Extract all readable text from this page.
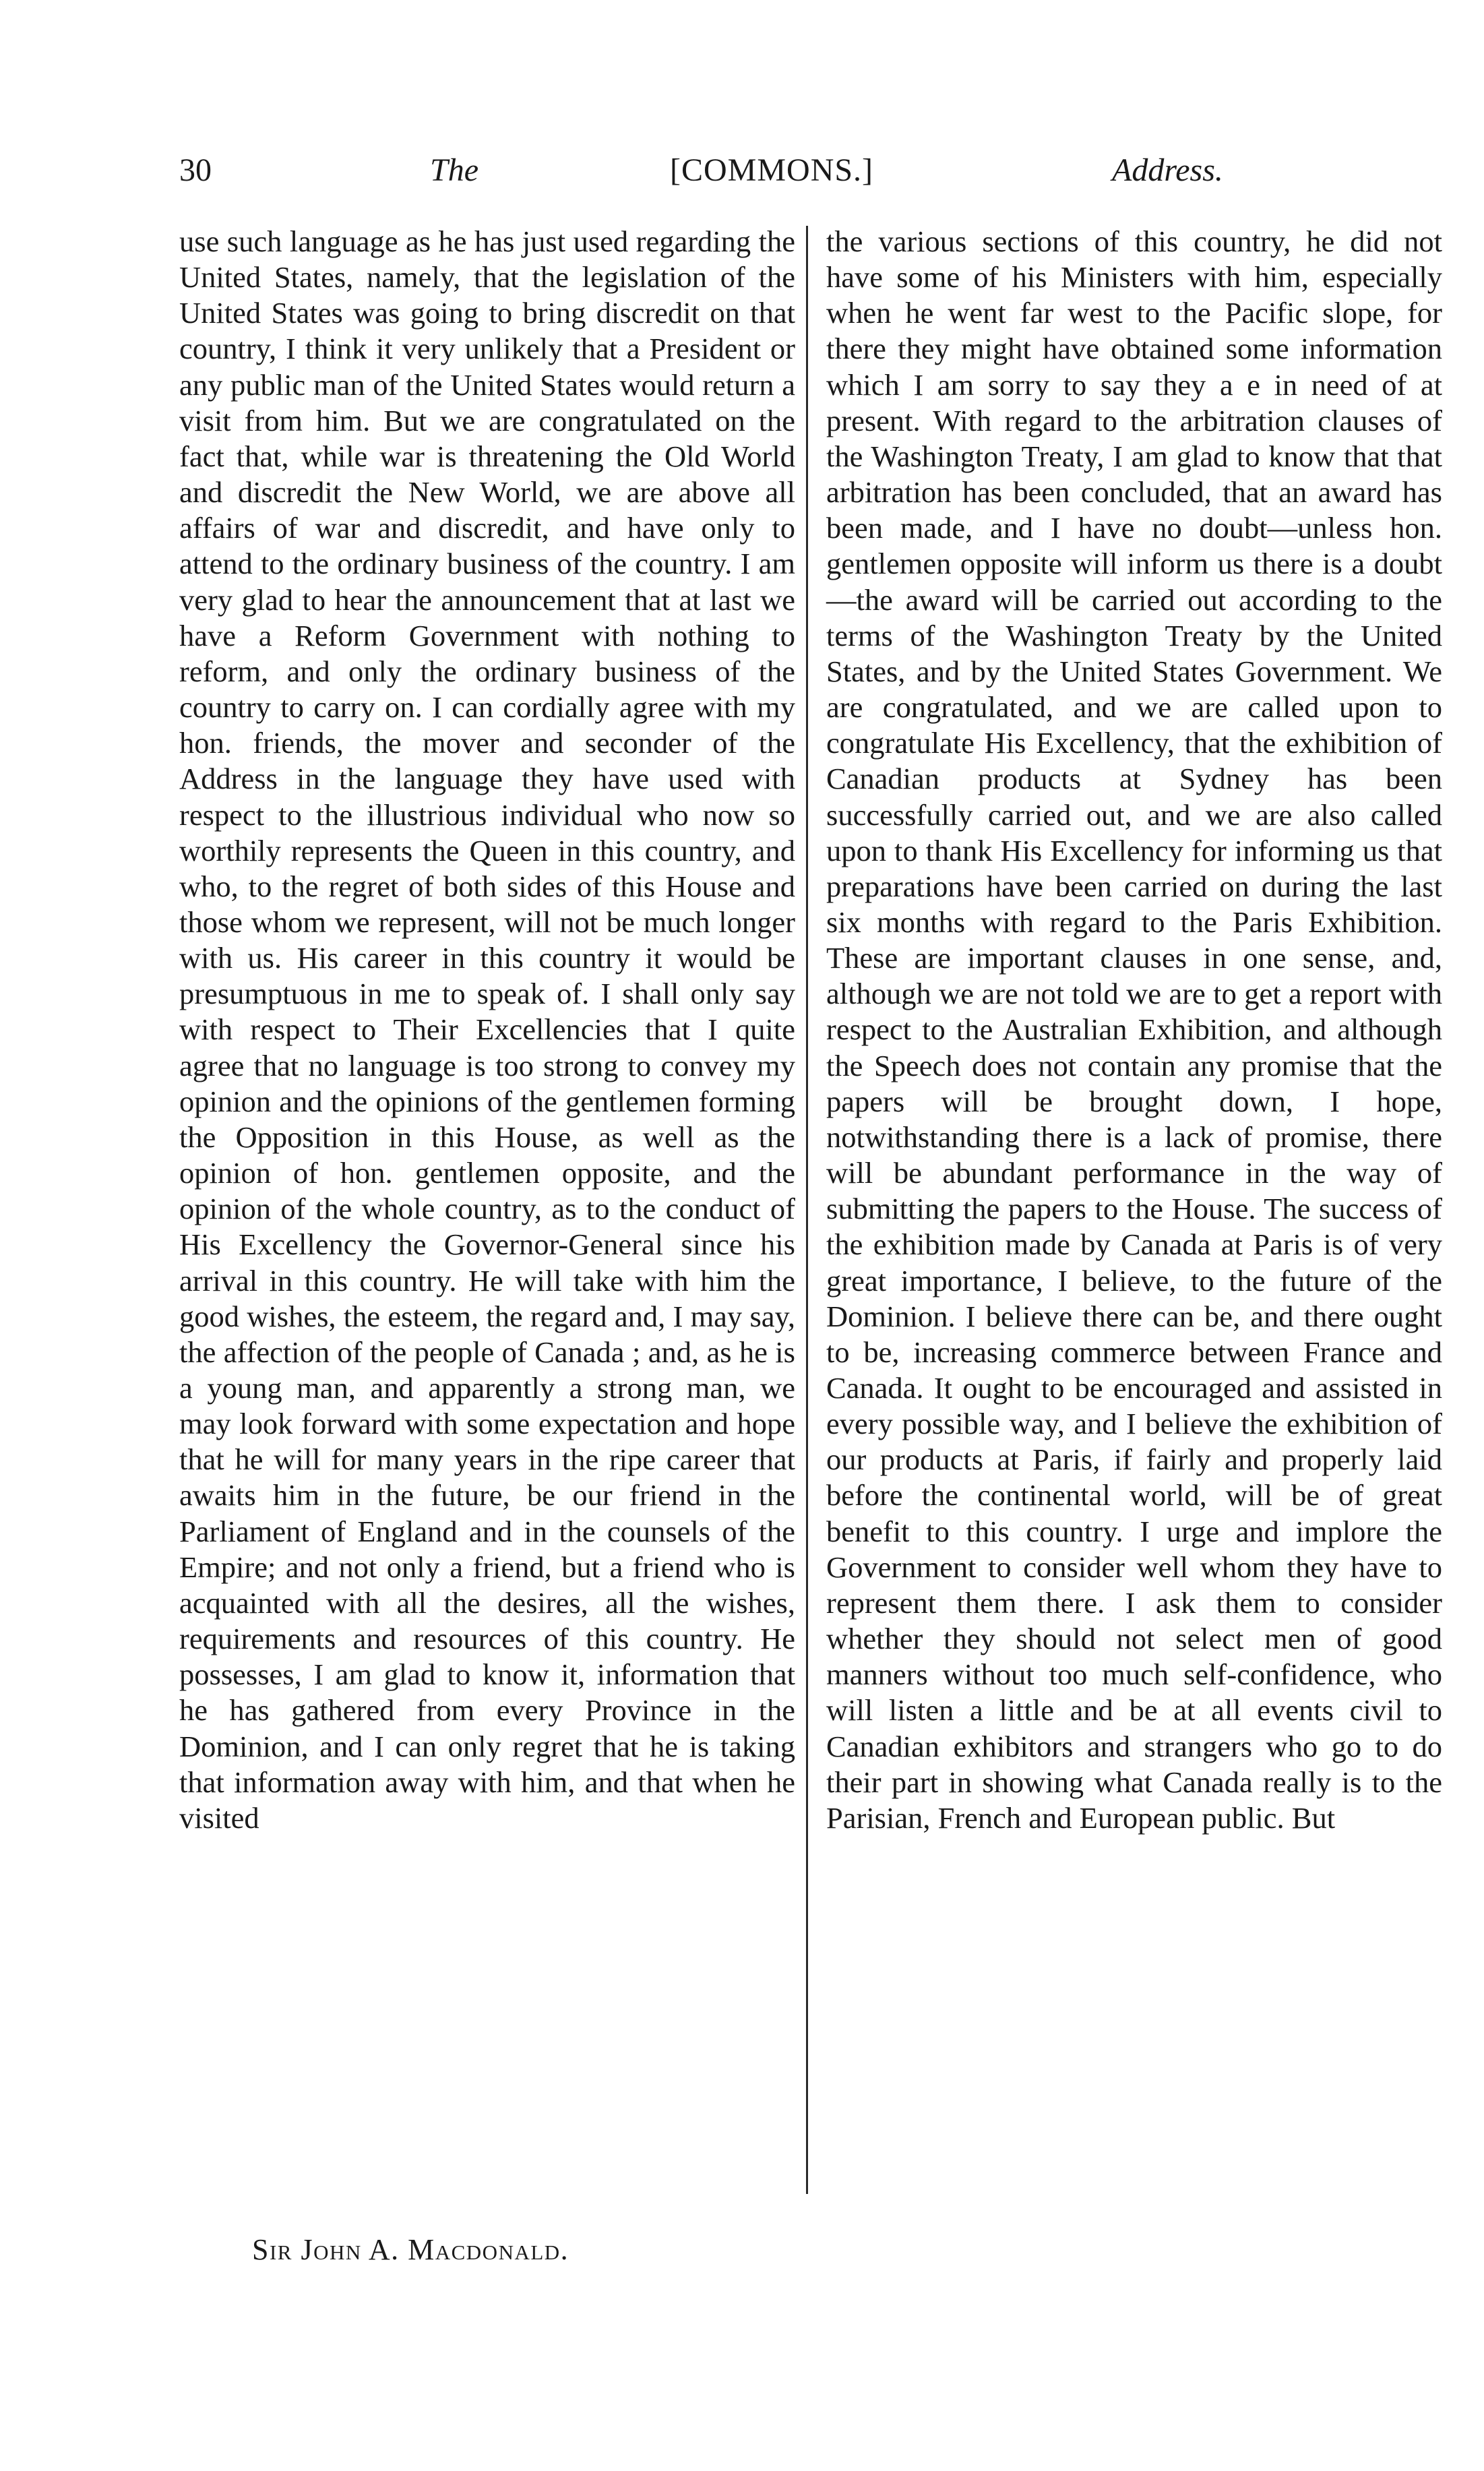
30	The	[COMMONS.]	Address.

use such language as he has just used regarding the United States, namely, that the legislation of the United States was going to bring discredit on that country, I think it very unlikely that a President or any public man of the United States would return a visit from him. But we are congratulated on the fact that, while war is threatening the Old World and discredit the New World, we are above all affairs of war and discredit, and have only to attend to the ordinary business of the country. I am very glad to hear the announcement that at last we have a Reform Government with nothing to reform, and only the ordinary business of the country to carry on. I can cordially agree with my hon. friends, the mover and seconder of the Address in the language they have used with respect to the illustrious individual who now so worthily represents the Queen in this country, and who, to the regret of both sides of this House and those whom we represent, will not be much longer with us. His career in this country it would be presumptuous in me to speak of. I shall only say with respect to Their Excellencies that I quite agree that no language is too strong to convey my opinion and the opinions of the gentlemen forming the Opposition in this House, as well as the opinion of hon. gentlemen opposite, and the opinion of the whole country, as to the conduct of His Excellency the Governor-General since his arrival in this country. He will take with him the good wishes, the esteem, the regard and, I may say, the affection of the people of Canada ; and, as he is a young man, and apparently a strong man, we may look forward with some expectation and hope that he will for many years in the ripe career that awaits him in the future, be our friend in the Parliament of England and in the counsels of the Empire; and not only a friend, but a friend who is acquainted with all the desires, all the wishes, requirements and resources of this country. He possesses, I am glad to know it, information that he has gathered from every Province in the Dominion, and I can only regret that he is taking that information away with him, and that when he visited

the various sections of this country, he did not have some of his Ministers with him, especially when he went far west to the Pacific slope, for there they might have obtained some information which I am sorry to say they a e in need of at present. With regard to the arbitration clauses of the Washington Treaty, I am glad to know that that arbitration has been concluded, that an award has been made, and I have no doubt—unless hon. gentlemen opposite will inform us there is a doubt—the award will be carried out according to the terms of the Washington Treaty by the United States, and by the United States Government. We are congratulated, and we are called upon to congratulate His Excellency, that the exhibition of Canadian products at Sydney has been successfully carried out, and we are also called upon to thank His Excellency for informing us that preparations have been carried on during the last six months with regard to the Paris Exhibition. These are important clauses in one sense, and, although we are not told we are to get a report with respect to the Australian Exhibition, and although the Speech does not contain any promise that the papers will be brought down, I hope, notwithstanding there is a lack of promise, there will be abundant performance in the way of submitting the papers to the House. The success of the exhibition made by Canada at Paris is of very great importance, I believe, to the future of the Dominion. I believe there can be, and there ought to be, increasing commerce between France and Canada. It ought to be encouraged and assisted in every possible way, and I believe the exhibition of our products at Paris, if fairly and properly laid before the continental world, will be of great benefit to this country. I urge and implore the Government to consider well whom they have to represent them there. I ask them to consider whether they should not select men of good manners without too much self-confidence, who will listen a little and be at all events civil to Canadian exhibitors and strangers who go to do their part in showing what Canada really is to the Parisian, French and European public. But

Sir John A. Macdonald.
